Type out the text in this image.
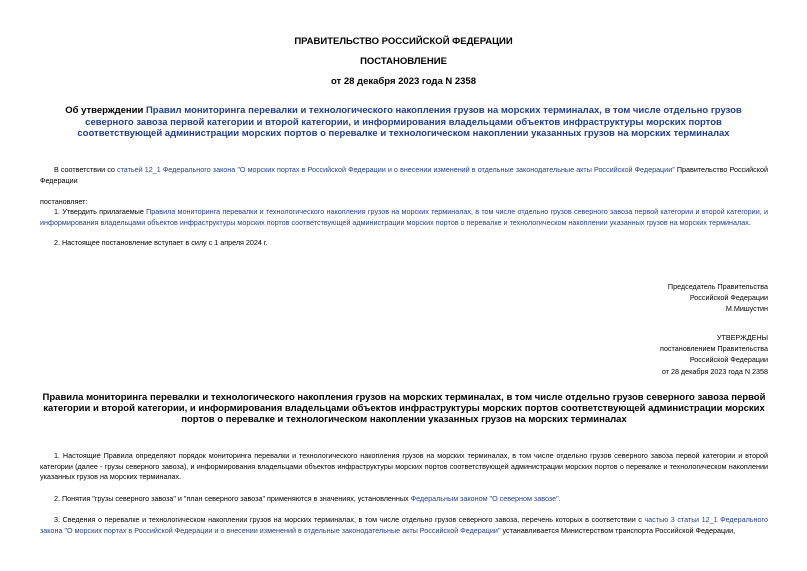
ПРАВИТЕЛЬСТВО РОССИЙСКОЙ ФЕДЕРАЦИИ
ПОСТАНОВЛЕНИЕ
от 28 декабря 2023 года N 2358
Об утверждении Правил мониторинга перевалки и технологического накопления грузов на морских терминалах, в том числе отдельно грузов северного завоза первой категории и второй категории, и информирования владельцами объектов инфраструктуры морских портов соответствующей администрации морских портов о перевалке и технологическом накоплении указанных грузов на морских терминалах
В соответствии со статьей 12_1 Федерального закона "О морских портах в Российской Федерации и о внесении изменений в отдельные законодательные акты Российской Федерации" Правительство Российской Федерации
постановляет:
1. Утвердить прилагаемые Правила мониторинга перевалки и технологического накопления грузов на морских терминалах, в том числе отдельно грузов северного завоза первой категории и второй категории, и информирования владельцами объектов инфраструктуры морских портов соответствующей администрации морских портов о перевалке и технологическом накоплении указанных грузов на морских терминалах.
2. Настоящее постановление вступает в силу с 1 апреля 2024 г.
Председатель Правительства
Российской Федерации
М.Мишустин
УТВЕРЖДЕНЫ
постановлением Правительства
Российской Федерации
от 28 декабря 2023 года N 2358
Правила мониторинга перевалки и технологического накопления грузов на морских терминалах, в том числе отдельно грузов северного завоза первой категории и второй категории, и информирования владельцами объектов инфраструктуры морских портов соответствующей администрации морских портов о перевалке и технологическом накоплении указанных грузов на морских терминалах
1. Настоящие Правила определяют порядок мониторинга перевалки и технологического накопления грузов на морских терминалах, в том числе отдельно грузов северного завоза первой категории и второй категории (далее - грузы северного завоза), и информирования владельцами объектов инфраструктуры морских портов соответствующей администрации морских портов о перевалке и технологическом накоплении указанных грузов на морских терминалах.
2. Понятия "грузы северного завоза" и "план северного завоза" применяются в значениях, установленных Федеральным законом "О северном завозе".
3. Сведения о перевалке и технологическом накоплении грузов на морских терминалах, в том числе отдельно грузов северного завоза, перечень которых в соответствии с частью 3 статьи 12_1 Федерального закона "О морских портах в Российской Федерации и о внесении изменений в отдельные законодательные акты Российской Федерации" устанавливается Министерством транспорта Российской Федерации,
